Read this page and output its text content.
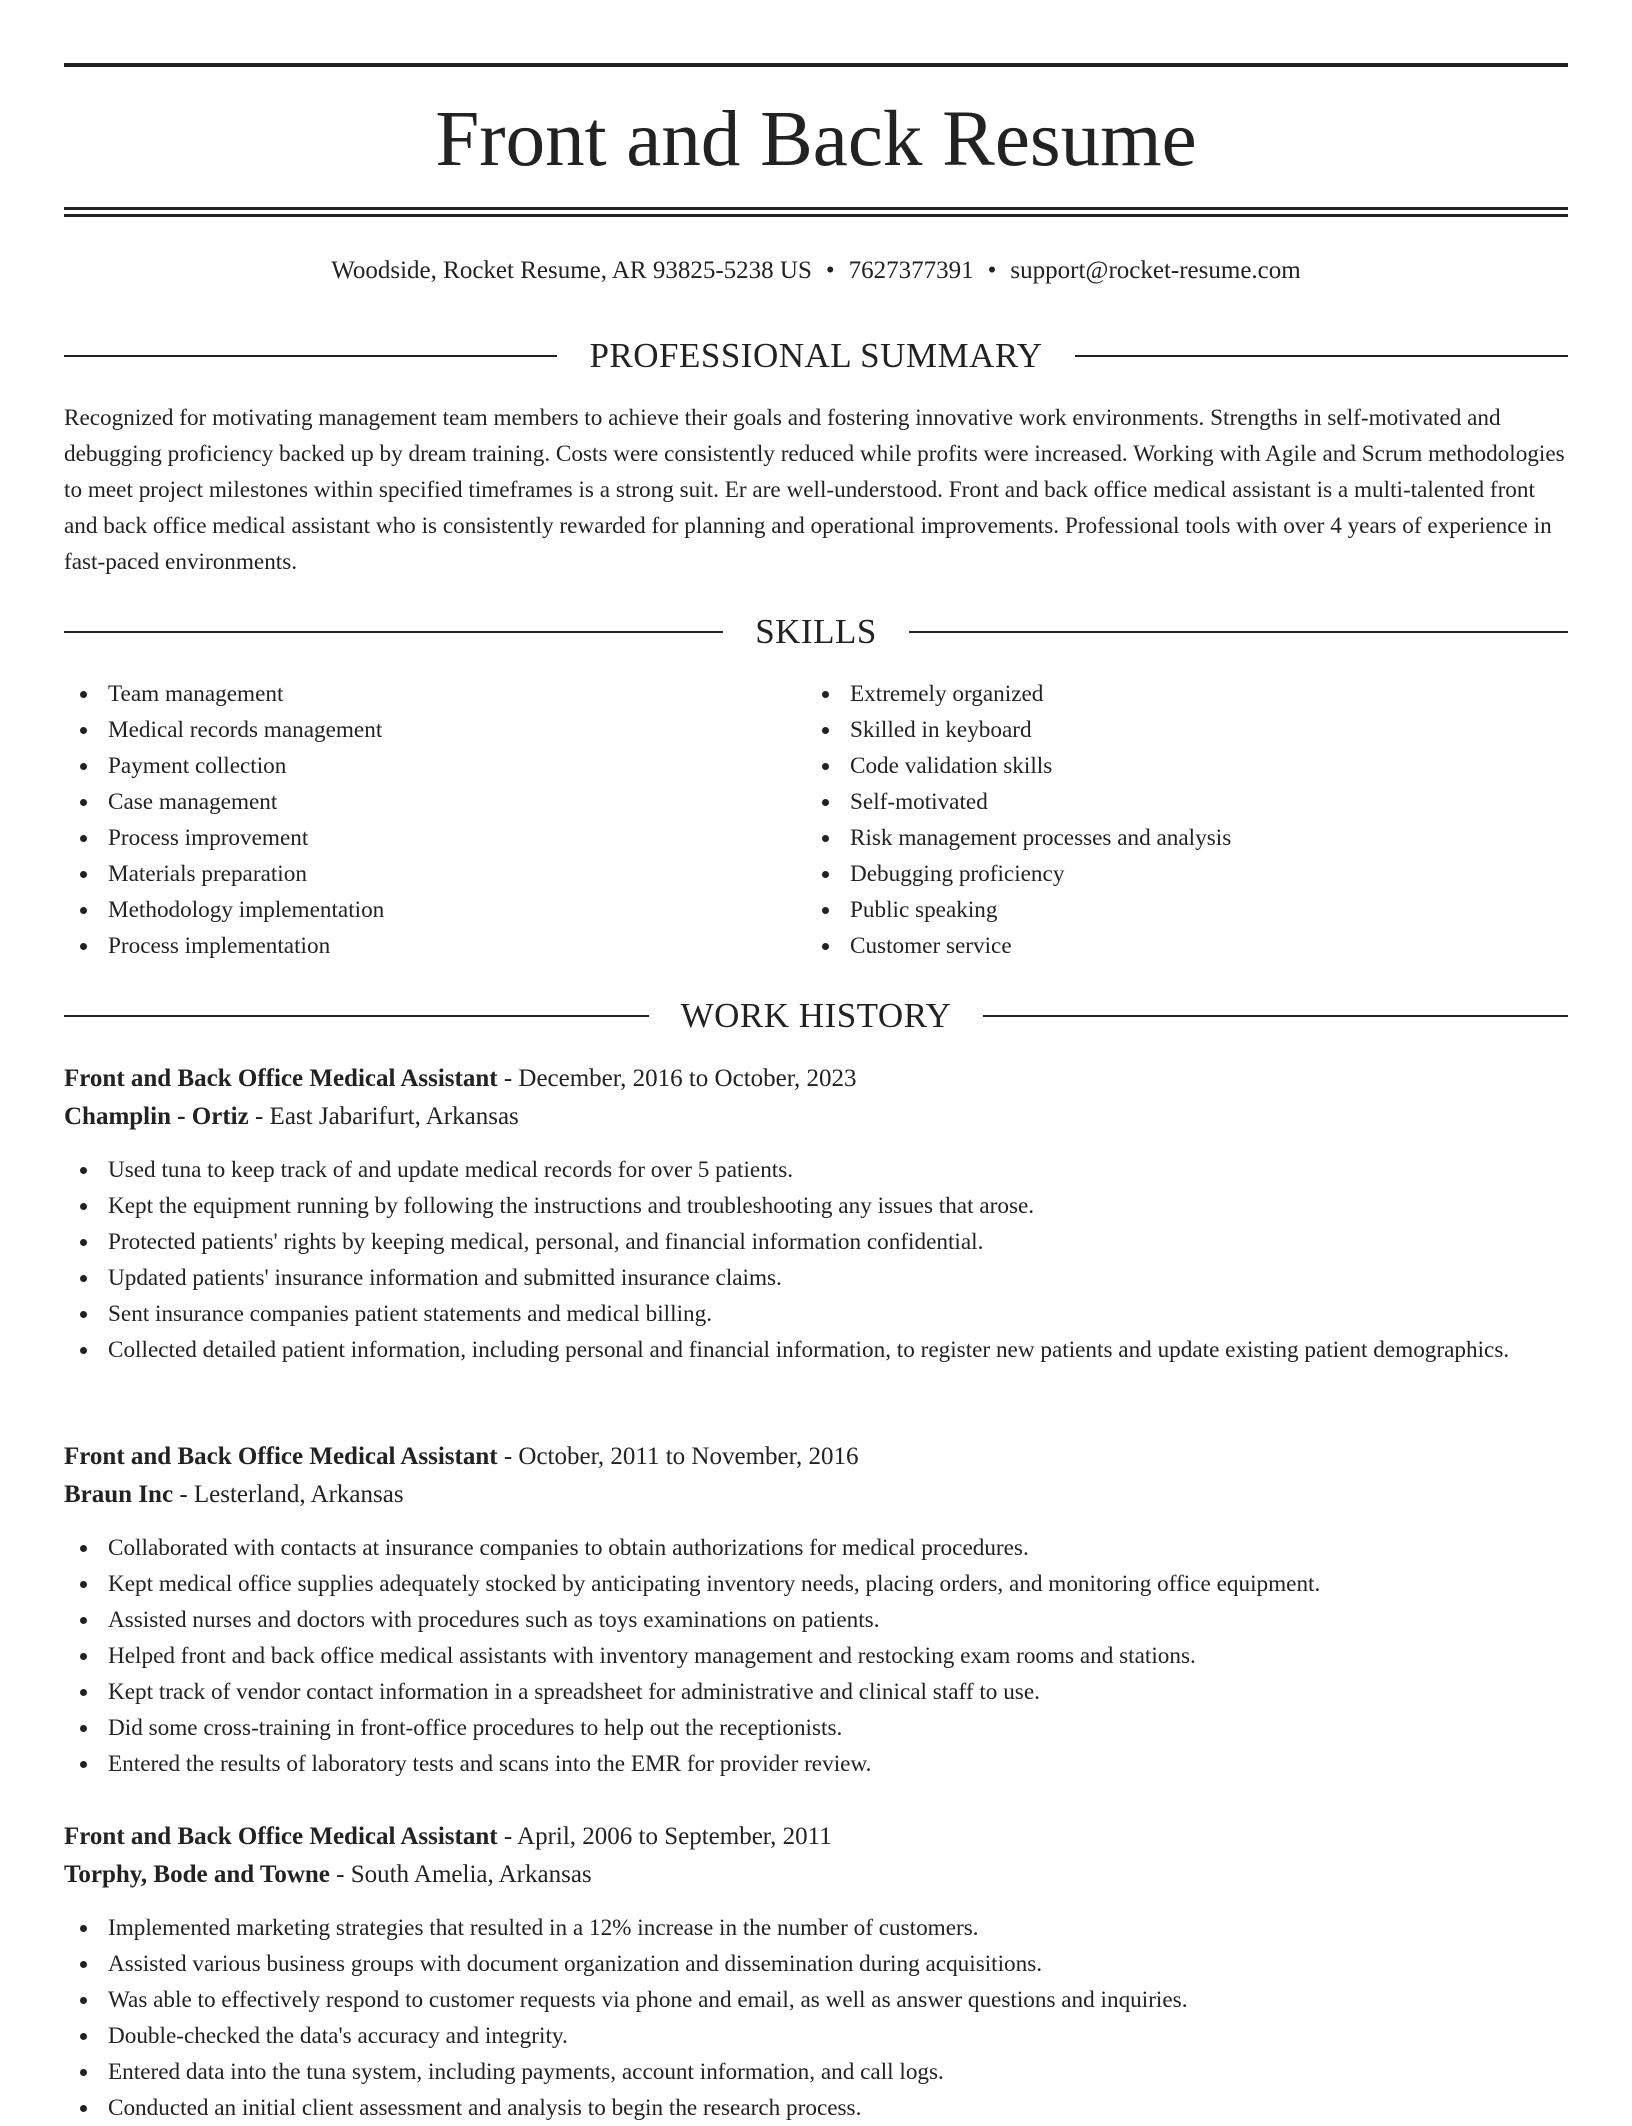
Front and Back Resume
Woodside, Rocket Resume, AR 93825-5238 US • 7627377391 • support@rocket-resume.com
PROFESSIONAL SUMMARY

Recognized for motivating management team members to achieve their goals and fostering innovative work environments. Strengths in self-motivated and debugging proficiency backed up by dream training. Costs were consistently reduced while profits were increased. Working with Agile and Scrum methodologies to meet project milestones within specified timeframes is a strong suit. Er are well-understood. Front and back office medical assistant is a multi-talented front and back office medical assistant who is consistently rewarded for planning and operational improvements. Professional tools with over 4 years of experience in fast-paced environments.

SKILLS
Team management
Medical records management
Payment collection
Case management
Process improvement
Materials preparation
Methodology implementation
Process implementation
Extremely organized
Skilled in keyboard
Code validation skills
Self-motivated
Risk management processes and analysis
Debugging proficiency
Public speaking
Customer service
WORK HISTORY
Front and Back Office Medical Assistant - December, 2016 to October, 2023
Champlin - Ortiz - East Jabarifurt, Arkansas
Used tuna to keep track of and update medical records for over 5 patients.
Kept the equipment running by following the instructions and troubleshooting any issues that arose.
Protected patients' rights by keeping medical, personal, and financial information confidential.
Updated patients' insurance information and submitted insurance claims.
Sent insurance companies patient statements and medical billing.
Collected detailed patient information, including personal and financial information, to register new patients and update existing patient demographics.
Front and Back Office Medical Assistant - October, 2011 to November, 2016
Braun Inc - Lesterland, Arkansas
Collaborated with contacts at insurance companies to obtain authorizations for medical procedures.
Kept medical office supplies adequately stocked by anticipating inventory needs, placing orders, and monitoring office equipment.
Assisted nurses and doctors with procedures such as toys examinations on patients.
Helped front and back office medical assistants with inventory management and restocking exam rooms and stations.
Kept track of vendor contact information in a spreadsheet for administrative and clinical staff to use.
Did some cross-training in front-office procedures to help out the receptionists.
Entered the results of laboratory tests and scans into the EMR for provider review.
Front and Back Office Medical Assistant - April, 2006 to September, 2011
Torphy, Bode and Towne - South Amelia, Arkansas
Implemented marketing strategies that resulted in a 12% increase in the number of customers.
Assisted various business groups with document organization and dissemination during acquisitions.
Was able to effectively respond to customer requests via phone and email, as well as answer questions and inquiries.
Double-checked the data's accuracy and integrity.
Entered data into the tuna system, including payments, account information, and call logs.
Conducted an initial client assessment and analysis to begin the research process.
